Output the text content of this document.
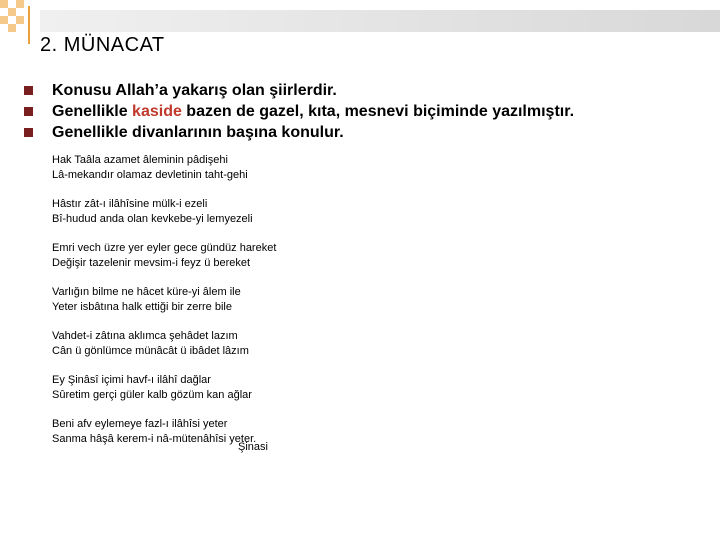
2. MÜNACAT
Konusu Allah’a yakarış olan şiirlerdir.
Genellikle kaside bazen de gazel, kıta, mesnevi biçiminde yazılmıştır.
Genellikle divanlarının başına konulur.
Hak Taâla azamet âleminin pâdişehi
Lâ-mekandır olamaz devletinin taht-gehi
Hâstır zât-ı ilâhîsine mülk-i ezeli
Bî-hudud anda olan kevkebe-yi lemyezeli
Emri vech üzre yer eyler gece gündüz hareket
Değişir tazelenir mevsim-i feyz ü bereket
Varlığın bilme ne hâcet küre-yi âlem ile
Yeter isbâtına halk ettiği bir zerre bile
Vahdet-i zâtına aklımca şehâdet lazım
Cân ü gönlümce münâcât ü ibâdet lâzım
Ey Şinâsî içimi havf-ı ilâhî dağlar
Sûretim gerçi güler kalb gözüm kan ağlar
Beni afv eylemeye fazl-ı ilâhîsi yeter
Sanma hâşâ kerem-i nâ-mütenâhîsi yeter.
Şinasi
